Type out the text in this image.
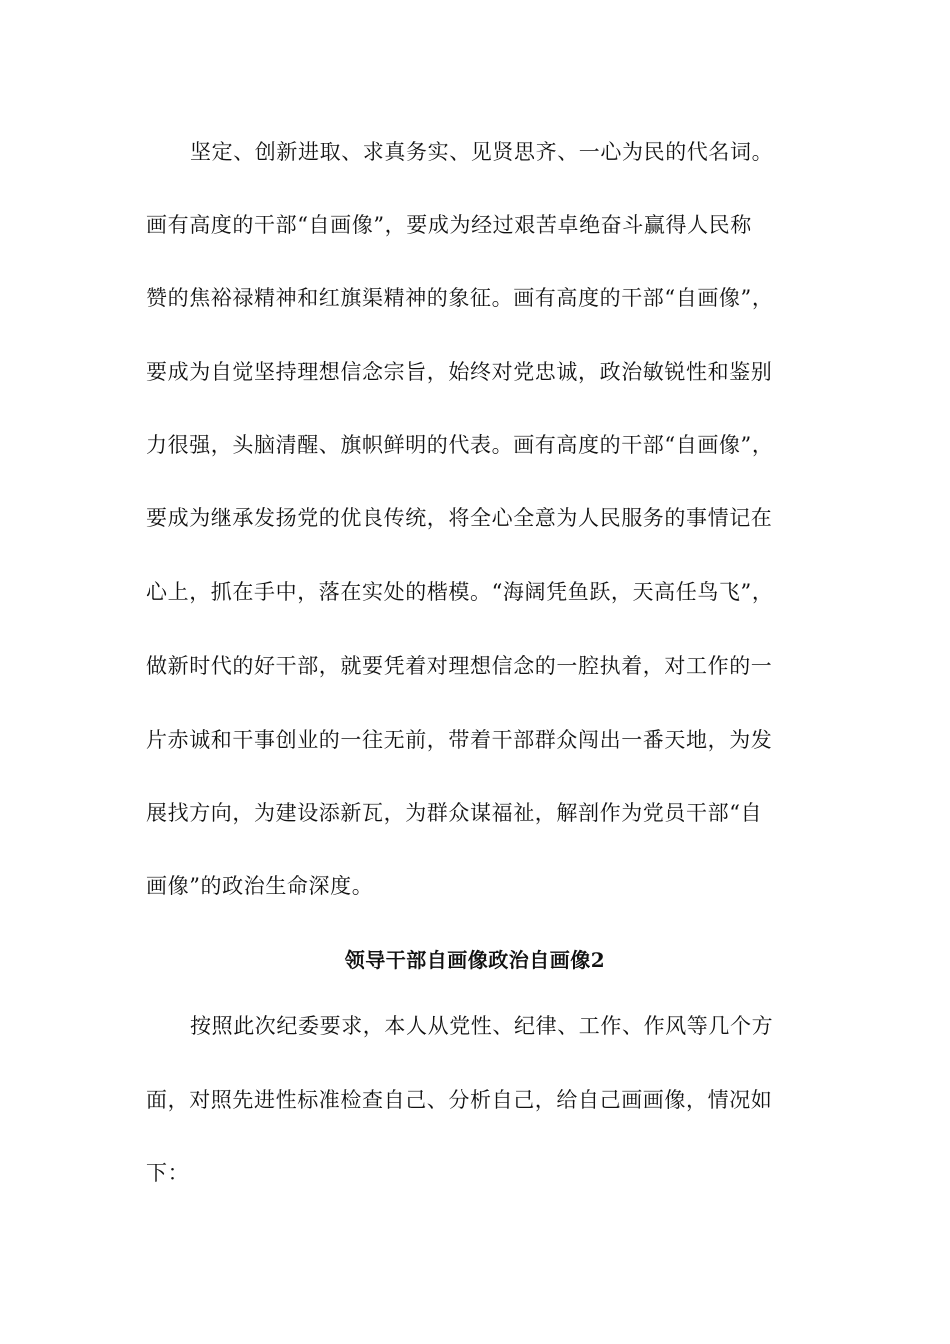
坚定、创新进取、求真务实、见贤思齐、一心为民的代名词。
画有高度的干部“自画像”，要成为经过艰苦卓绝奋斗赢得人民称
赞的焦裕禄精神和红旗渠精神的象征。画有高度的干部“自画像”，
要成为自觉坚持理想信念宗旨，始终对党忠诚，政治敏锐性和鉴别
力很强，头脑清醒、旗帜鲜明的代表。画有高度的干部“自画像”，
要成为继承发扬党的优良传统，将全心全意为人民服务的事情记在
心上，抓在手中，落在实处的楷模。“海阔凭鱼跃，天高任鸟飞”，
做新时代的好干部，就要凭着对理想信念的一腔执着，对工作的一
片赤诚和干事创业的一往无前，带着干部群众闯出一番天地，为发
展找方向，为建设添新瓦，为群众谋福祉，解剖作为党员干部“自
画像”的政治生命深度。
领导干部自画像政治自画像2
按照此次纪委要求，本人从党性、纪律、工作、作风等几个方
面，对照先进性标准检查自己、分析自己，给自己画画像，情况如
下：
